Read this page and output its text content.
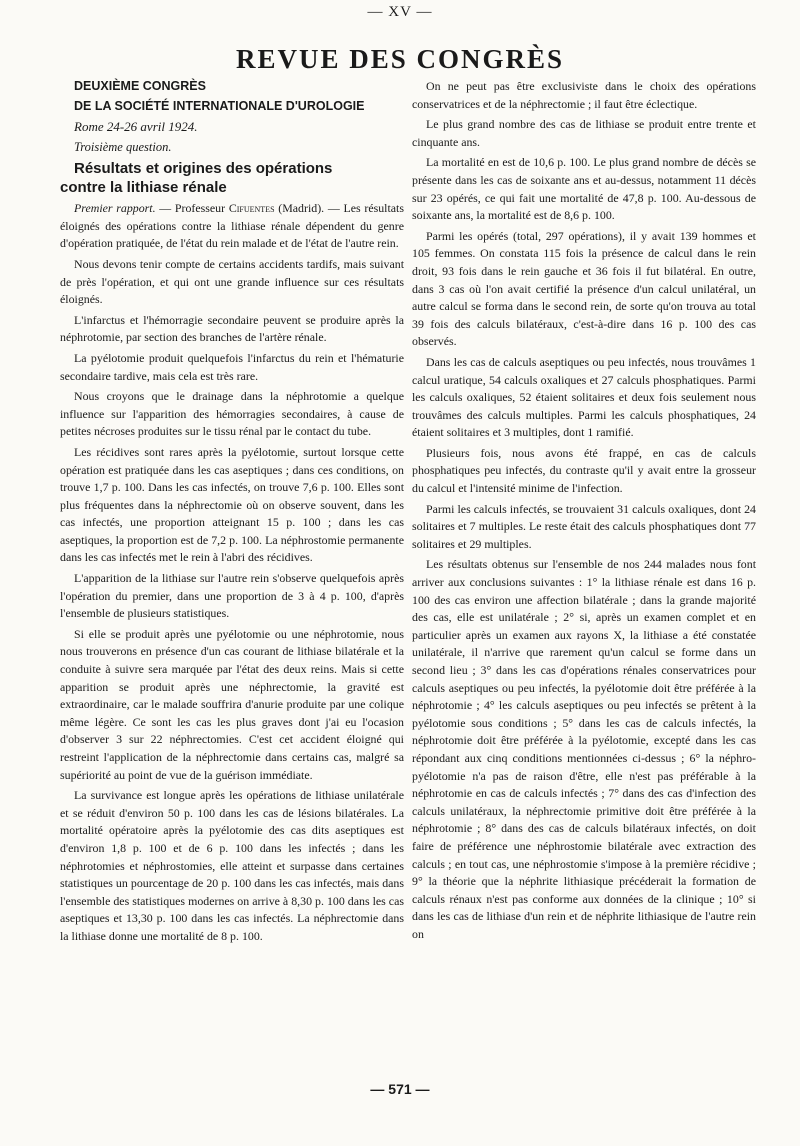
— XV —
REVUE DES CONGRÈS

DEUXIÈME CONGRÈS

DE LA SOCIÉTÉ INTERNATIONALE D'UROLOGIE

Rome 24-26 avril 1924.

Troisième question.

Résultats et origines des opérations
contre la lithiase rénale

Premier rapport. — Professeur Cifuentes (Madrid). — Les résultats éloignés des opérations contre la lithiase rénale dépendent du genre d'opération pratiquée, de l'état du rein malade et de l'état de l'autre rein.

Nous devons tenir compte de certains accidents tardifs, mais suivant de près l'opération, et qui ont une grande influence sur ces résultats éloignés.

L'infarctus et l'hémorragie secondaire peuvent se produire après la néphrotomie, par section des branches de l'artère rénale.

La pyélotomie produit quelquefois l'infarctus du rein et l'hématurie secondaire tardive, mais cela est très rare.

Nous croyons que le drainage dans la néphrotomie a quelque influence sur l'apparition des hémorragies secondaires, à cause de petites nécroses produites sur le tissu rénal par le contact du tube.

Les récidives sont rares après la pyélotomie, surtout lorsque cette opération est pratiquée dans les cas aseptiques ; dans ces conditions, on trouve 1,7 p. 100. Dans les cas infectés, on trouve 7,6 p. 100. Elles sont plus fréquentes dans la néphrectomie où on observe souvent, dans les cas infectés, une proportion atteignant 15 p. 100 ; dans les cas aseptiques, la proportion est de 7,2 p. 100. La néphrostomie permanente dans les cas infectés met le rein à l'abri des récidives.

L'apparition de la lithiase sur l'autre rein s'observe quelquefois après l'opération du premier, dans une proportion de 3 à 4 p. 100, d'après l'ensemble de plusieurs statistiques.

Si elle se produit après une pyélotomie ou une néphrotomie, nous nous trouverons en présence d'un cas courant de lithiase bilatérale et la conduite à suivre sera marquée par l'état des deux reins. Mais si cette apparition se produit après une néphrectomie, la gravité est extraordinaire, car le malade souffrira d'anurie produite par une colique même légère. Ce sont les cas les plus graves dont j'ai eu l'ocasion d'observer 3 sur 22 néphrectomies. C'est cet accident éloigné qui restreint l'application de la néphrectomie dans certains cas, malgré sa supériorité au point de vue de la guérison immédiate.

La survivance est longue après les opérations de lithiase unilatérale et se réduit d'environ 50 p. 100 dans les cas de lésions bilatérales. La mortalité opératoire après la pyélotomie des cas dits aseptiques est d'environ 1,8 p. 100 et de 6 p. 100 dans les infectés ; dans les néphrotomies et néphrostomies, elle atteint et surpasse dans certaines statistiques un pourcentage de 20 p. 100 dans les cas infectés, mais dans l'ensemble des statistiques modernes on arrive à 8,30 p. 100 dans les cas aseptiques et 13,30 p. 100 dans les cas infectés. La néphrectomie dans la lithiase donne une mortalité de 8 p. 100.

On ne peut pas être exclusiviste dans le choix des opérations conservatrices et de la néphrectomie ; il faut être éclectique.

Le plus grand nombre des cas de lithiase se produit entre trente et cinquante ans.

La mortalité en est de 10,6 p. 100. Le plus grand nombre de décès se présente dans les cas de soixante ans et au-dessus, notamment 11 décès sur 23 opérés, ce qui fait une mortalité de 47,8 p. 100. Au-dessous de soixante ans, la mortalité est de 8,6 p. 100.

Parmi les opérés (total, 297 opérations), il y avait 139 hommes et 105 femmes. On constata 115 fois la présence de calcul dans le rein droit, 93 fois dans le rein gauche et 36 fois il fut bilatéral. En outre, dans 3 cas où l'on avait certifié la présence d'un calcul unilatéral, un autre calcul se forma dans le second rein, de sorte qu'on trouva au total 39 fois des calculs bilatéraux, c'est-à-dire dans 16 p. 100 des cas observés.

Dans les cas de calculs aseptiques ou peu infectés, nous trouvâmes 1 calcul uratique, 54 calculs oxaliques et 27 calculs phosphatiques. Parmi les calculs oxaliques, 52 étaient solitaires et deux fois seulement nous trouvâmes des calculs multiples. Parmi les calculs phosphatiques, 24 étaient solitaires et 3 multiples, dont 1 ramifié.

Plusieurs fois, nous avons été frappé, en cas de calculs phosphatiques peu infectés, du contraste qu'il y avait entre la grosseur du calcul et l'intensité minime de l'infection.

Parmi les calculs infectés, se trouvaient 31 calculs oxaliques, dont 24 solitaires et 7 multiples. Le reste était des calculs phosphatiques dont 77 solitaires et 29 multiples.

Les résultats obtenus sur l'ensemble de nos 244 malades nous font arriver aux conclusions suivantes : 1° la lithiase rénale est dans 16 p. 100 des cas environ une affection bilatérale ; dans la grande majorité des cas, elle est unilatérale ; 2° si, après un examen complet et en particulier après un examen aux rayons X, la lithiase a été constatée unilatérale, il n'arrive que rarement qu'un calcul se forme dans un second lieu ; 3° dans les cas d'opérations rénales conservatrices pour calculs aseptiques ou peu infectés, la pyélotomie doit être préférée à la néphrotomie ; 4° les calculs aseptiques ou peu infectés se prêtent à la pyélotomie sous conditions ; 5° dans les cas de calculs infectés, la néphrotomie doit être préférée à la pyélotomie, excepté dans les cas répondant aux cinq conditions mentionnées ci-dessus ; 6° la néphro-pyélotomie n'a pas de raison d'être, elle n'est pas préférable à la néphrotomie en cas de calculs infectés ; 7° dans des cas d'infection des calculs unilatéraux, la néphrectomie primitive doit être préférée à la néphrotomie ; 8° dans des cas de calculs bilatéraux infectés, on doit faire de préférence une néphrostomie bilatérale avec extraction des calculs ; en tout cas, une néphrostomie s'impose à la première récidive ; 9° la théorie que la néphrite lithiasique précéderait la formation de calculs rénaux n'est pas conforme aux données de la clinique ; 10° si dans les cas de lithiase d'un rein et de néphrite lithiasique de l'autre rein on

— 571 —
